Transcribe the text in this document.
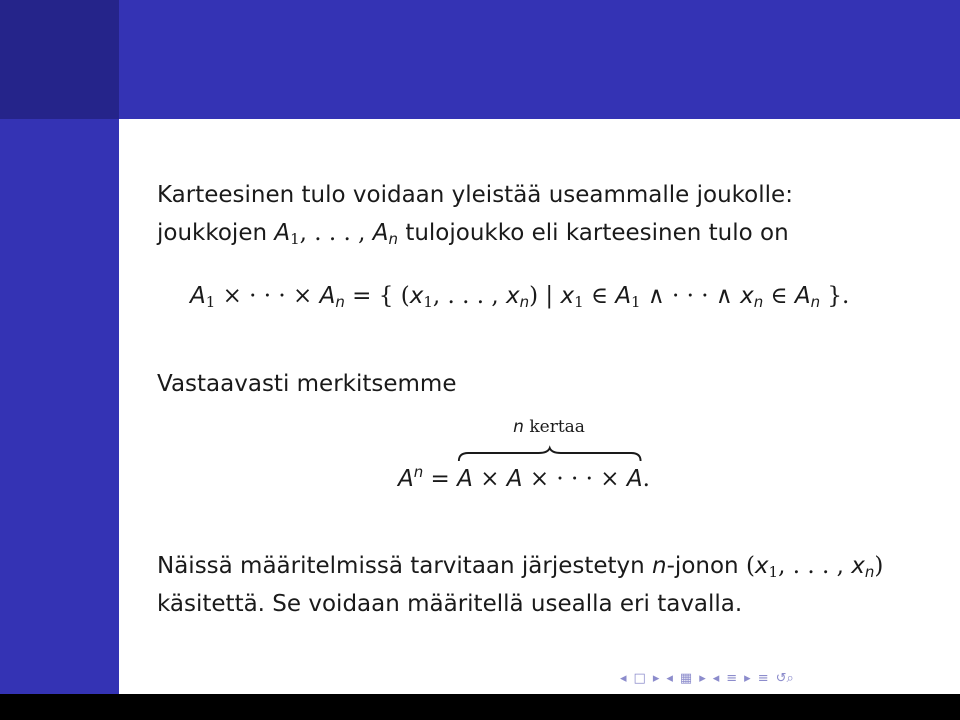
Karteesinen tulo voidaan yleistää useammalle joukolle:
joukkojen $A_1$, . . . , $A_n$ tulojoukko eli karteesinen tulo on
$A_1$ × · · · × $A_n$ = { ($x_1$, . . . , $x_n$) | $x_1$ ∈ $A_1$ ∧ · · · ∧ $x_n$ ∈ $A_n$ }.
Vastaavasti merkitsemme
$A^n$ =
n kertaa
A × A × · · · × A.
Näissä määritelmissä tarvitaan järjestetyn n-jonon ($x_1$, . . . , $x_n$)
käsitettä. Se voidaan määritellä usealla eri tavalla.
◂ □ ▸ ◂ ▦ ▸ ◂ ≡ ▸ ≡ ↺⌕
